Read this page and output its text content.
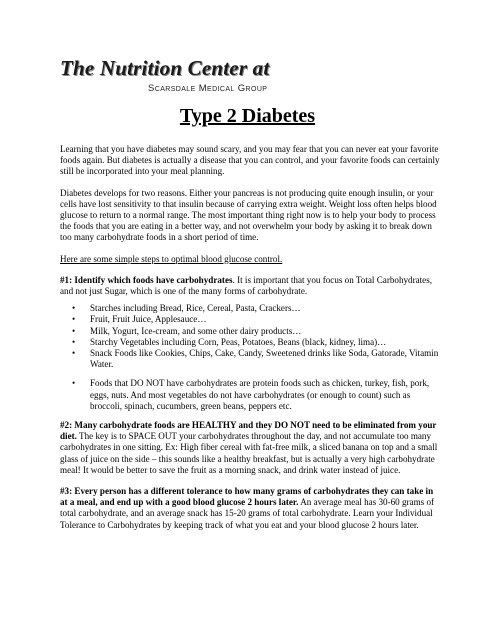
The Nutrition Center at
Scarsdale Medical Group
Type 2 Diabetes

Learning that you have diabetes may sound scary, and you may fear that you can never eat your favorite foods again. But diabetes is actually a disease that you can control, and your favorite foods can certainly still be incorporated into your meal planning.

Diabetes develops for two reasons. Either your pancreas is not producing quite enough insulin, or your cells have lost sensitivity to that insulin because of carrying extra weight. Weight loss often helps blood glucose to return to a normal range. The most important thing right now is to help your body to process the foods that you are eating in a better way, and not overwhelm your body by asking it to break down too many carbohydrate foods in a short period of time.

Here are some simple steps to optimal blood glucose control.

#1: Identify which foods have carbohydrates. It is important that you focus on Total Carbohydrates, and not just Sugar, which is one of the many forms of carbohydrate.

• Starches including Bread, Rice, Cereal, Pasta, Crackers…
• Fruit, Fruit Juice, Applesauce…
• Milk, Yogurt, Ice-cream, and some other dairy products…
• Starchy Vegetables including Corn, Peas, Potatoes, Beans (black, kidney, lima)…
• Snack Foods like Cookies, Chips, Cake, Candy, Sweetened drinks like Soda, Gatorade, Vitamin Water.
• Foods that DO NOT have carbohydrates are protein foods such as chicken, turkey, fish, pork, eggs, nuts. And most vegetables do not have carbohydrates (or enough to count) such as broccoli, spinach, cucumbers, green beans, peppers etc.

#2: Many carbohydrate foods are HEALTHY and they DO NOT need to be eliminated from your diet. The key is to SPACE OUT your carbohydrates throughout the day, and not accumulate too many carbohydrates in one sitting. Ex: High fiber cereal with fat-free milk, a sliced banana on top and a small glass of juice on the side – this sounds like a healthy breakfast, but is actually a very high carbohydrate meal! It would be better to save the fruit as a morning snack, and drink water instead of juice.

#3: Every person has a different tolerance to how many grams of carbohydrates they can take in at a meal, and end up with a good blood glucose 2 hours later. An average meal has 30-60 grams of total carbohydrate, and an average snack has 15-20 grams of total carbohydrate. Learn your Individual Tolerance to Carbohydrates by keeping track of what you eat and your blood glucose 2 hours later.
